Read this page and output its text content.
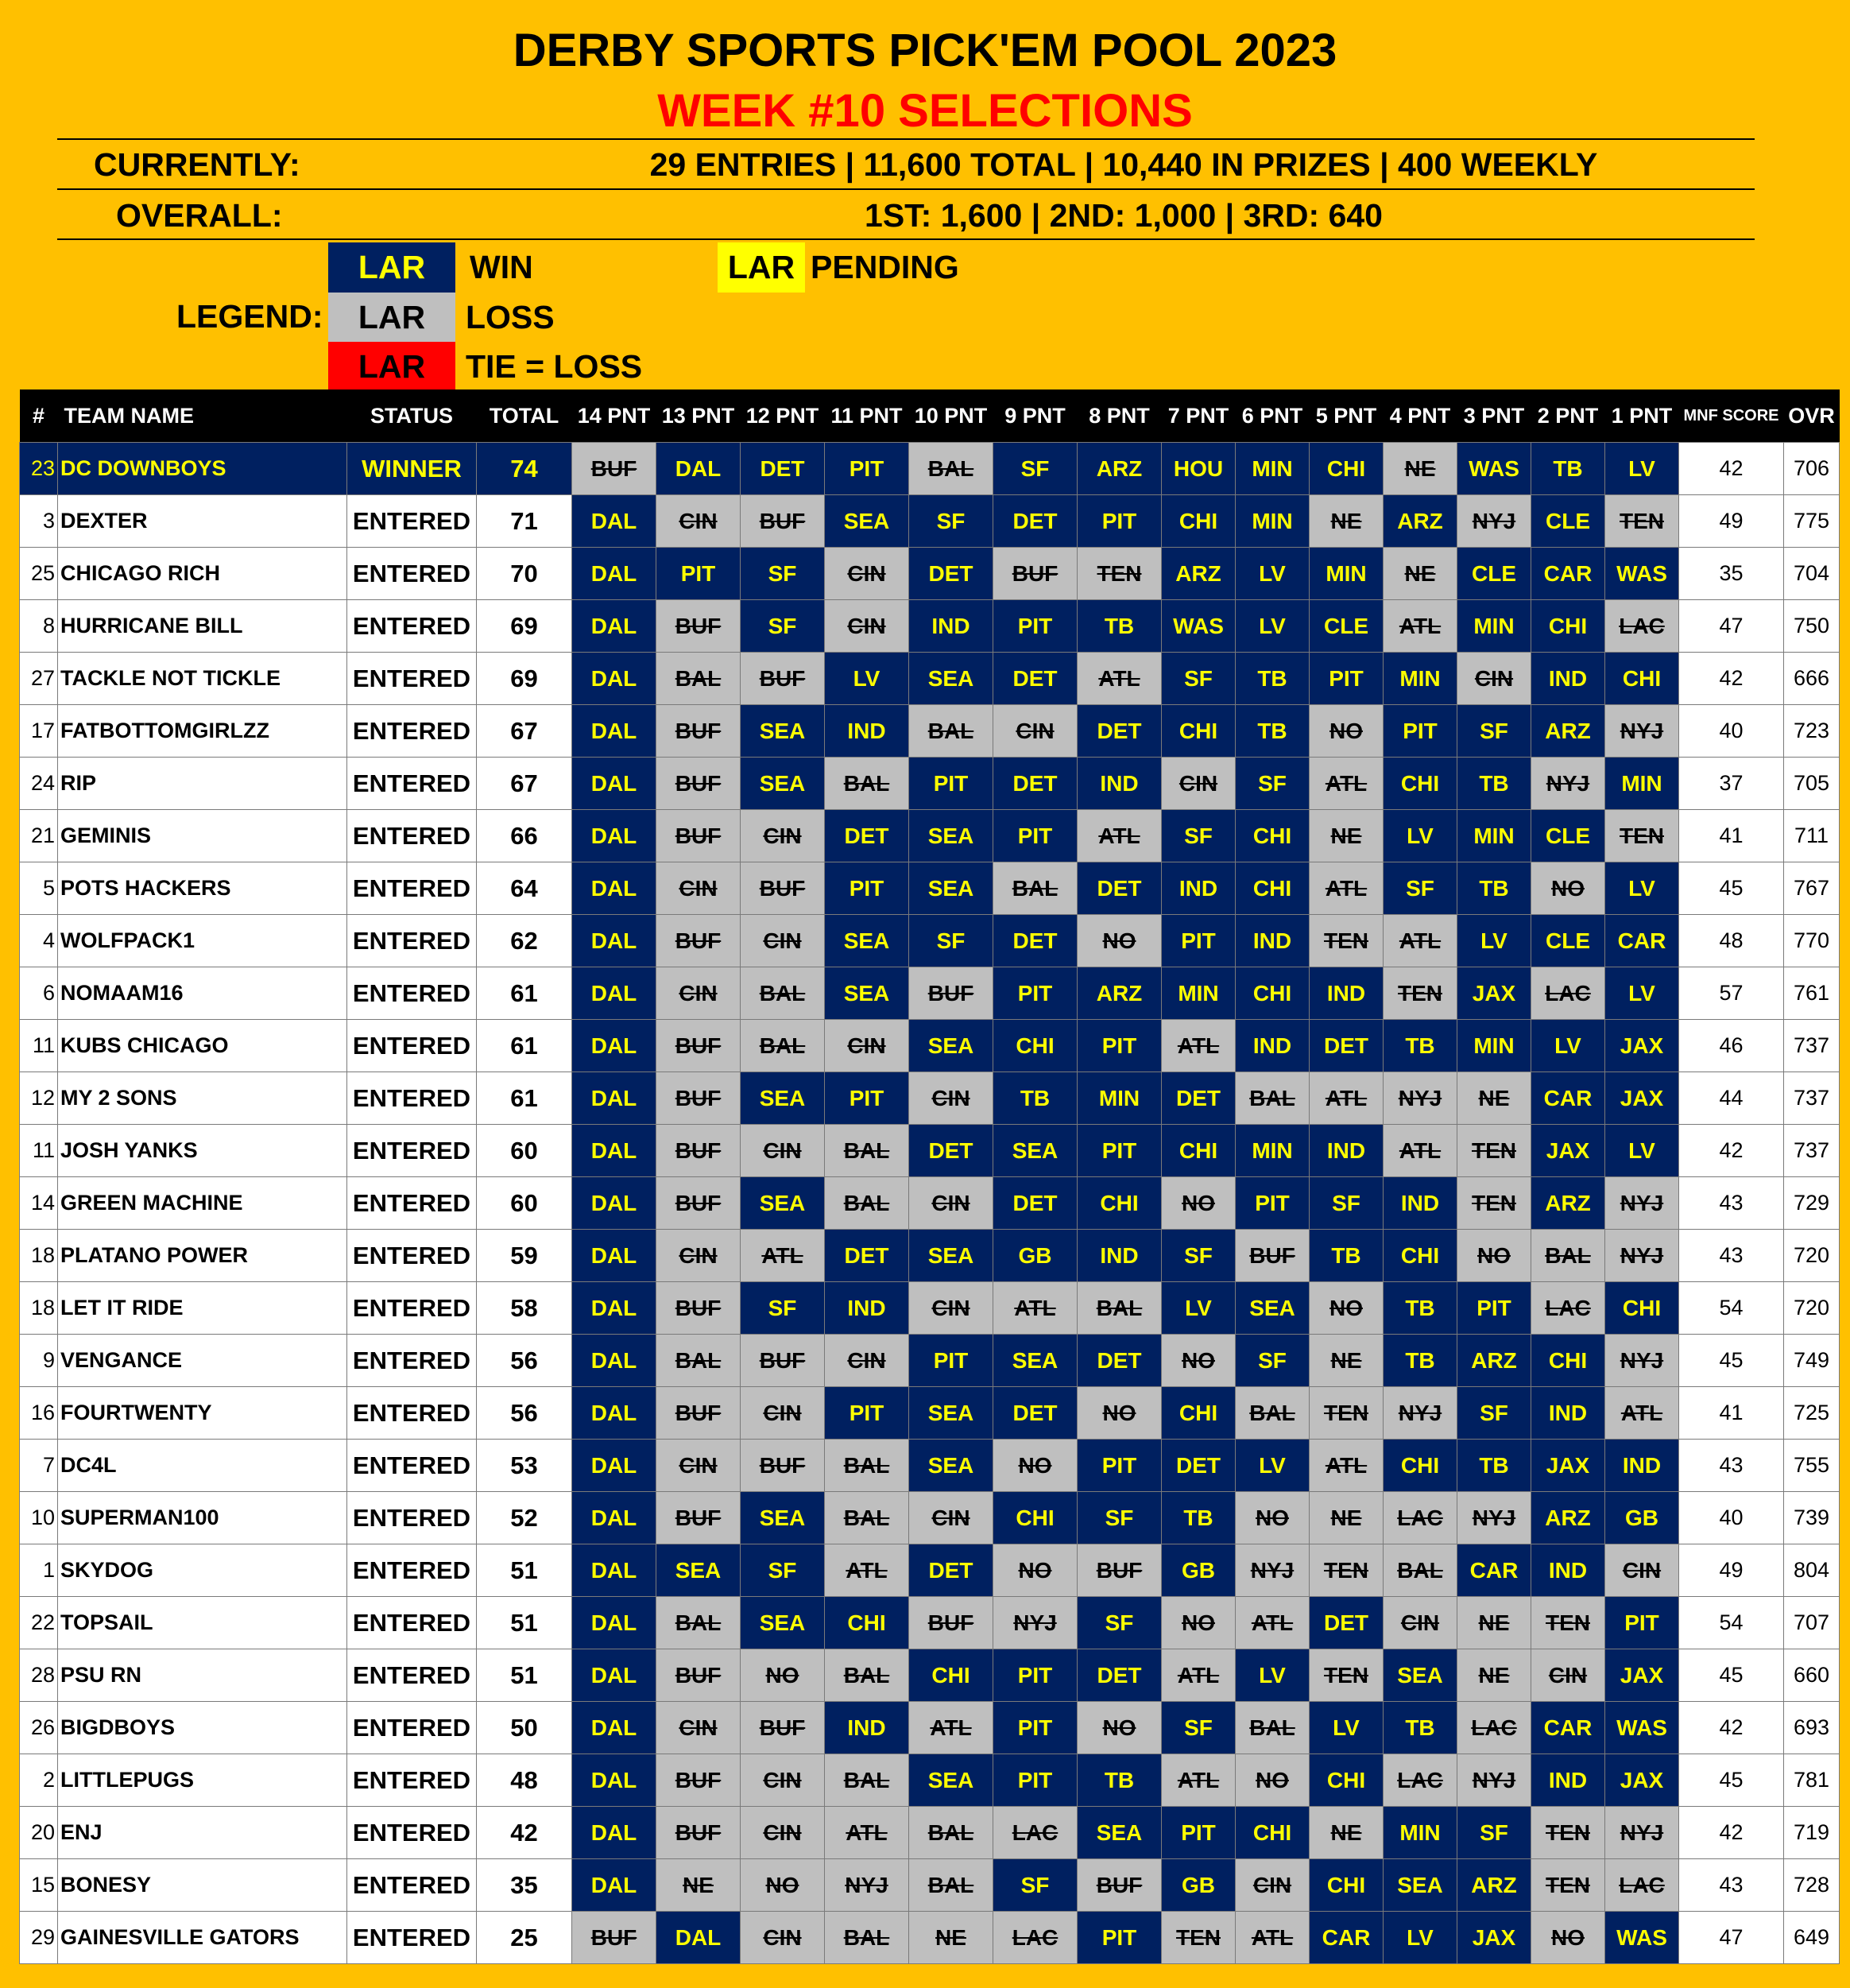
DERBY SPORTS PICK'EM POOL 2023
WEEK #10 SELECTIONS
CURRENTLY:	29 ENTRIES | 11,600 TOTAL | 10,440 IN PRIZES | 400 WEEKLY
OVERALL:	1ST: 1,600 | 2ND: 1,000 | 3RD: 640
LEGEND:
LAR	WIN
LAR	LOSS
LAR	TIE = LOSS
LAR PENDING
#	TEAM NAME	STATUS	TOTAL	14 PNT	13 PNT	12 PNT	11 PNT	10 PNT	9 PNT	8 PNT	7 PNT	6 PNT	5 PNT	4 PNT	3 PNT	2 PNT	1 PNT	MNF SCORE	OVR
23	DC DOWNBOYS	WINNER	74	BUF	DAL	DET	PIT	BAL	SF	ARZ	HOU	MIN	CHI	NE	WAS	TB	LV	42	706
3	DEXTER	ENTERED	71	DAL	CIN	BUF	SEA	SF	DET	PIT	CHI	MIN	NE	ARZ	NYJ	CLE	TEN	49	775
25	CHICAGO RICH	ENTERED	70	DAL	PIT	SF	CIN	DET	BUF	TEN	ARZ	LV	MIN	NE	CLE	CAR	WAS	35	704
8	HURRICANE BILL	ENTERED	69	DAL	BUF	SF	CIN	IND	PIT	TB	WAS	LV	CLE	ATL	MIN	CHI	LAC	47	750
27	TACKLE NOT TICKLE	ENTERED	69	DAL	BAL	BUF	LV	SEA	DET	ATL	SF	TB	PIT	MIN	CIN	IND	CHI	42	666
17	FATBOTTOMGIRLZZ	ENTERED	67	DAL	BUF	SEA	IND	BAL	CIN	DET	CHI	TB	NO	PIT	SF	ARZ	NYJ	40	723
24	RIP	ENTERED	67	DAL	BUF	SEA	BAL	PIT	DET	IND	CIN	SF	ATL	CHI	TB	NYJ	MIN	37	705
21	GEMINIS	ENTERED	66	DAL	BUF	CIN	DET	SEA	PIT	ATL	SF	CHI	NE	LV	MIN	CLE	TEN	41	711
5	POTS HACKERS	ENTERED	64	DAL	CIN	BUF	PIT	SEA	BAL	DET	IND	CHI	ATL	SF	TB	NO	LV	45	767
4	WOLFPACK1	ENTERED	62	DAL	BUF	CIN	SEA	SF	DET	NO	PIT	IND	TEN	ATL	LV	CLE	CAR	48	770
6	NOMAAM16	ENTERED	61	DAL	CIN	BAL	SEA	BUF	PIT	ARZ	MIN	CHI	IND	TEN	JAX	LAC	LV	57	761
11	KUBS CHICAGO	ENTERED	61	DAL	BUF	BAL	CIN	SEA	CHI	PIT	ATL	IND	DET	TB	MIN	LV	JAX	46	737
12	MY 2 SONS	ENTERED	61	DAL	BUF	SEA	PIT	CIN	TB	MIN	DET	BAL	ATL	NYJ	NE	CAR	JAX	44	737
11	JOSH YANKS	ENTERED	60	DAL	BUF	CIN	BAL	DET	SEA	PIT	CHI	MIN	IND	ATL	TEN	JAX	LV	42	737
14	GREEN MACHINE	ENTERED	60	DAL	BUF	SEA	BAL	CIN	DET	CHI	NO	PIT	SF	IND	TEN	ARZ	NYJ	43	729
18	PLATANO POWER	ENTERED	59	DAL	CIN	ATL	DET	SEA	GB	IND	SF	BUF	TB	CHI	NO	BAL	NYJ	43	720
18	LET IT RIDE	ENTERED	58	DAL	BUF	SF	IND	CIN	ATL	BAL	LV	SEA	NO	TB	PIT	LAC	CHI	54	720
9	VENGANCE	ENTERED	56	DAL	BAL	BUF	CIN	PIT	SEA	DET	NO	SF	NE	TB	ARZ	CHI	NYJ	45	749
16	FOURTWENTY	ENTERED	56	DAL	BUF	CIN	PIT	SEA	DET	NO	CHI	BAL	TEN	NYJ	SF	IND	ATL	41	725
7	DC4L	ENTERED	53	DAL	CIN	BUF	BAL	SEA	NO	PIT	DET	LV	ATL	CHI	TB	JAX	IND	43	755
10	SUPERMAN100	ENTERED	52	DAL	BUF	SEA	BAL	CIN	CHI	SF	TB	NO	NE	LAC	NYJ	ARZ	GB	40	739
1	SKYDOG	ENTERED	51	DAL	SEA	SF	ATL	DET	NO	BUF	GB	NYJ	TEN	BAL	CAR	IND	CIN	49	804
22	TOPSAIL	ENTERED	51	DAL	BAL	SEA	CHI	BUF	NYJ	SF	NO	ATL	DET	CIN	NE	TEN	PIT	54	707
28	PSU RN	ENTERED	51	DAL	BUF	NO	BAL	CHI	PIT	DET	ATL	LV	TEN	SEA	NE	CIN	JAX	45	660
26	BIGDBOYS	ENTERED	50	DAL	CIN	BUF	IND	ATL	PIT	NO	SF	BAL	LV	TB	LAC	CAR	WAS	42	693
2	LITTLEPUGS	ENTERED	48	DAL	BUF	CIN	BAL	SEA	PIT	TB	ATL	NO	CHI	LAC	NYJ	IND	JAX	45	781
20	ENJ	ENTERED	42	DAL	BUF	CIN	ATL	BAL	LAC	SEA	PIT	CHI	NE	MIN	SF	TEN	NYJ	42	719
15	BONESY	ENTERED	35	DAL	NE	NO	NYJ	BAL	SF	BUF	GB	CIN	CHI	SEA	ARZ	TEN	LAC	43	728
29	GAINESVILLE GATORS	ENTERED	25	BUF	DAL	CIN	BAL	NE	LAC	PIT	TEN	ATL	CAR	LV	JAX	NO	WAS	47	649
